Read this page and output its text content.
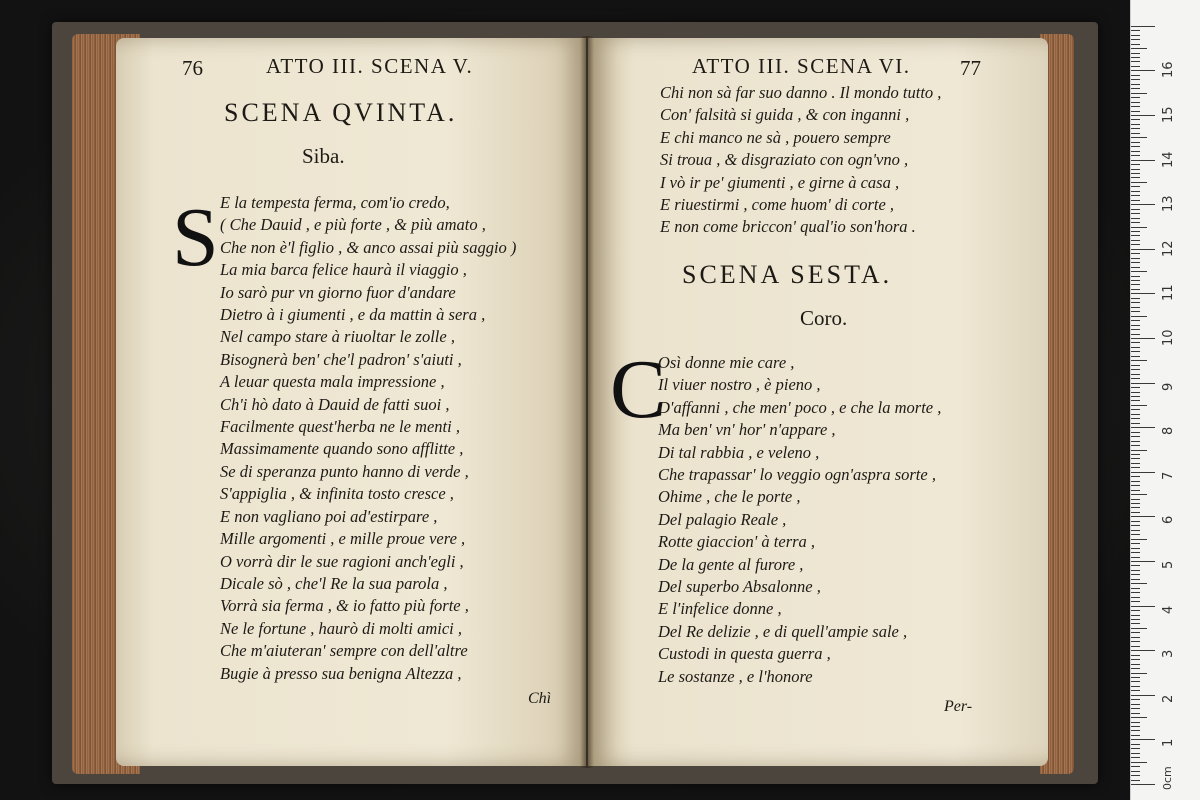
76	ATTO III. SCENA V.
SCENA QVINTA.
Siba.
S E la tempesta ferma, com'io credo,
( Che Dauid , e più forte , & più amato ,
Che non è'l figlio , & anco assai più saggio )
La mia barca felice haurà il viaggio ,
Io sarò pur vn giorno fuor d'andare
Dietro à i giumenti , e da mattin à sera ,
Nel campo stare à riuoltar le zolle ,
Bisognerà ben' che'l padron' s'aiuti ,
A leuar questa mala impressione ,
Ch'i hò dato à Dauid de fatti suoi ,
Facilmente quest'herba ne le menti ,
Massimamente quando sono afflitte ,
Se di speranza punto hanno di verde ,
S'appiglia , & infinita tosto cresce ,
E non vagliano poi ad'estirpare ,
Mille argomenti , e mille proue vere ,
O vorrà dir le sue ragioni anch'egli ,
Dicale sò , che'l Re la sua parola ,
Vorrà sia ferma , & io fatto più forte ,
Ne le fortune , haurò di molti amici ,
Che m'aiuteran' sempre con dell'altre
Bugie à presso sua benigna Altezza ,
Chì
ATTO III. SCENA VI. 77
Chi non sà far suo danno . Il mondo tutto ,
Con' falsità si guida , & con inganni ,
E chi manco ne sà , pouero sempre
Si troua , & disgraziato con ogn'vno ,
I vò ir pe' giumenti , e girne à casa ,
E riuestirmi , come huom' di corte ,
E non come briccon' qual'io son'hora .
SCENA SESTA.
Coro.
C
Osì donne mie care ,
Il viuer nostro , è pieno ,
D'affanni , che men' poco , e che la morte ,
Ma ben' vn' hor' n'appare ,
Di tal rabbia , e veleno ,
Che trapassar' lo veggio ogn'aspra sorte ,
Ohime , che le porte ,
Del palagio Reale ,
Rotte giaccion' à terra ,
De la gente al furore ,
Del superbo Absalonne ,
E l'infelice donne ,
Del Re delizie , e di quell'ampie sale ,
Custodi in questa guerra ,
Le sostanze , e l'honore
Per-
0cm
1
2
3
4
5
6
7
8
9
10
11
12
13
14
15
16
